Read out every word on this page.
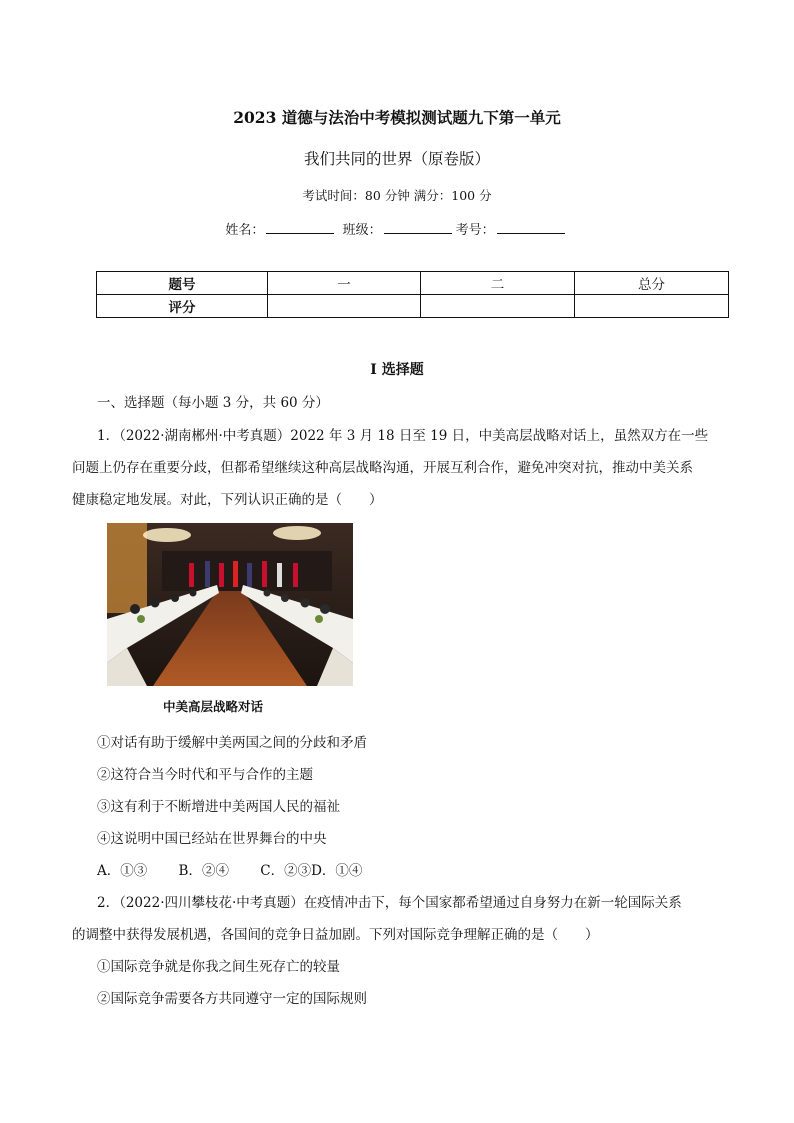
2023 道德与法治中考模拟测试题九下第一单元
我们共同的世界（原卷版）
考试时间：80 分钟 满分：100 分
姓名：	班级：	考号：
题号	一	二	总分
评分			
I 选择题
一、选择题（每小题 3 分，共 60 分）
1．（2022·湖南郴州·中考真题）2022 年 3 月 18 日至 19 日，中美高层战略对话上，虽然双方在一些
问题上仍存在重要分歧，但都希望继续这种高层战略沟通，开展互利合作，避免冲突对抗，推动中美关系
健康稳定地发展。对此，下列认识正确的是（　　）
中美高层战略对话
①对话有助于缓解中美两国之间的分歧和矛盾
②这符合当今时代和平与合作的主题
③这有利于不断增进中美两国人民的福祉
④这说明中国已经站在世界舞台的中央
A．①③　　 B．②④　　 C．②③D．①④
2．（2022·四川攀枝花·中考真题）在疫情冲击下，每个国家都希望通过自身努力在新一轮国际关系
的调整中获得发展机遇，各国间的竞争日益加剧。下列对国际竞争理解正确的是（　　）
①国际竞争就是你我之间生死存亡的较量
②国际竞争需要各方共同遵守一定的国际规则
